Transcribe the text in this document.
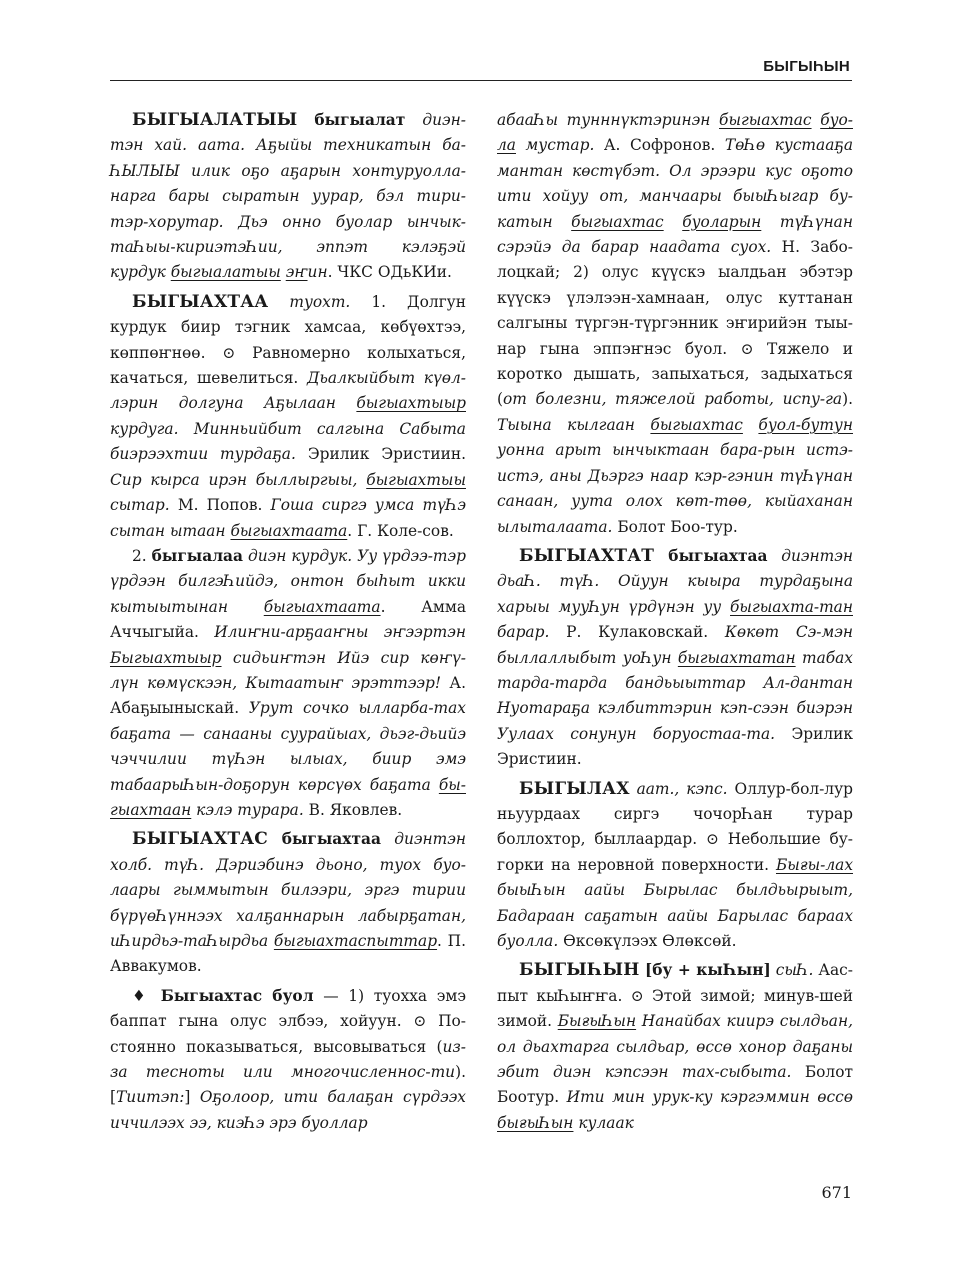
БЫГЫҺЫН

БЫГЫАЛАТЫЫ быгыалат диэн-тэн хай. аата. Аҕыйы техникатын ба-ҺЫЛЫЫ илик оҕо аҕарын хонтуруолла-нарга бары сыратын уурар, бэл тири-тэр-хорутар. Дьэ онно буолар ынчык-таҺыы-кириэтэҺии, эппэт кэлэҕэй курдук быгыалатыы эҥин. ЧКС ОДьКИи.

БЫГЫАХТАА туохт. 1. Долгун курдук биир тэгник хамсаа, көбүөхтээ, көппөҥнөө. ⊙ Равномерно колыхаться, качаться, шевелиться. Дьалкыйбыт күөл-лэрин долгуна Аҕылаан быгыахтыыр курдуга. Минньийбит салгына Сабыта биэрээхтии турдаҕа. Эрилик Эристиин. Сир кырса ирэн быллыргыы, быгыахтыы сытар. М. Попов. Гоша сиргэ умса түҺэ сытан ытаан быгыахтаата. Г. Коле-сов.

2. быгыалаа диэн курдук. Уу үрдээ-тэр үрдээн билгэҺийдэ, онтон быһыт икки кытыытынан быгыахтаата. Амма Аччыгыйа. Илиҥни-арҕааҥны эҥээртэн Быгыахтыыр сидьиҥтэн Ийэ сир көҥү-лүн көмүскээн, Кытаатыҥ эрэттээр! А. Абаҕыыныскай. Урут сочко ылларба-тах баҕата — санааны суурайыах, дьэг-дьийэ чэччилии түҺэн ылыах, биир эмэ табаарыҺын-доҕорун көрсүөх баҕата бы-гыахтаан кэлэ турара. В. Яковлев.

БЫГЫАХТАС быгыахтаа диэнтэн холб. түҺ. Дэриэбинэ дьоно, туох буо-лаары гыммытын билээри, эргэ тирии бүрүөҺүннээх халҕаннарын лабырҕатан, иҺирдьэ-таҺырдьа быгыахтаспыттар. П. Аввакумов.

♦ Быгыахтас буол — 1) туохха эмэ баппат гына олус элбээ, хойуун. ⊙ По-стоянно показываться, высовываться (из-за тесноты или многочисленнос-ти). [Тиитэп:] Оҕолоор, ити балаҕан сүрдээх иччилээх ээ, киэҺэ эрэ буоллар

абааҺы тунннүктэринэн быгыахтас буо-ла мустар. А. Софронов. ТөҺө кустааҕа мантан көстүбэт. Ол эрээри кус оҕото ити хойуу от, манчаары быыҺыгар бу-катын быгыахтас буоларын түҺүнан сэрэйэ да барар наадата суох. Н. Забо-лоцкай; 2) олус күүскэ ыалдьан эбэтэр күүскэ үлэлээн-хамнаан, олус куттанан салгыны түргэн-түргэнник эҥирийэн тыы-нар гына эппэҥнэс буол. ⊙ Тяжело и коротко дышать, запыхаться, задыхаться (от болезни, тяжелой работы, испу-га). Тыына кылгаан быгыахтас буол-бутун уонна арыт ынчыктаан бара-рын истэ-истэ, аны Дьэргэ наар кэр-гэнин түҺүнан санаан, уута олох көт-төө, кыйаханан ылыталаата. Болот Боо-тур.

БЫГЫАХТАТ быгыахтаа диэнтэн дьаҺ. түҺ. Ойуун кыыра турдаҕына харыы мууҺун үрдүнэн уу быгыахта-тан барар. Р. Кулаковскай. Көкөт Сэ-мэн быллаллыбыт уоҺун быгыахтатан табах тарда-тарда бандьыыттар Ал-дантан Нуотараҕа кэлбиттэрин кэп-сээн биэрэн Уулаах сонунун боруостаа-та. Эрилик Эристиин.

БЫГЫЛАХ аат., кэпс. Оллур-бол-лур ньуурдаах сиргэ чочорҺан турар боллохтор, быллаардар. ⊙ Небольшие бу-горки на неровной поверхности. Бығы-лах быыҺын аайы Бырылас былдьырыыт, Бадараан саҕатын аайы Барылас бараах буолла. Өксөкүлээх Өлөксөй.

БЫГЫҺЫН [бу + кыҺын] сыҺ. Аас-пыт кыҺыҥҥа. ⊙ Этой зимой; минув-шей зимой. БығыҺын Нанайбах киирэ сылдьан, ол дьахтарга сылдьар, өссө хонор даҕаны эбит диэн кэпсээн тах-сыбыта. Болот Боотур. Ити мин урук-ку кэргэммин өссө бығыҺын кулаак

671
